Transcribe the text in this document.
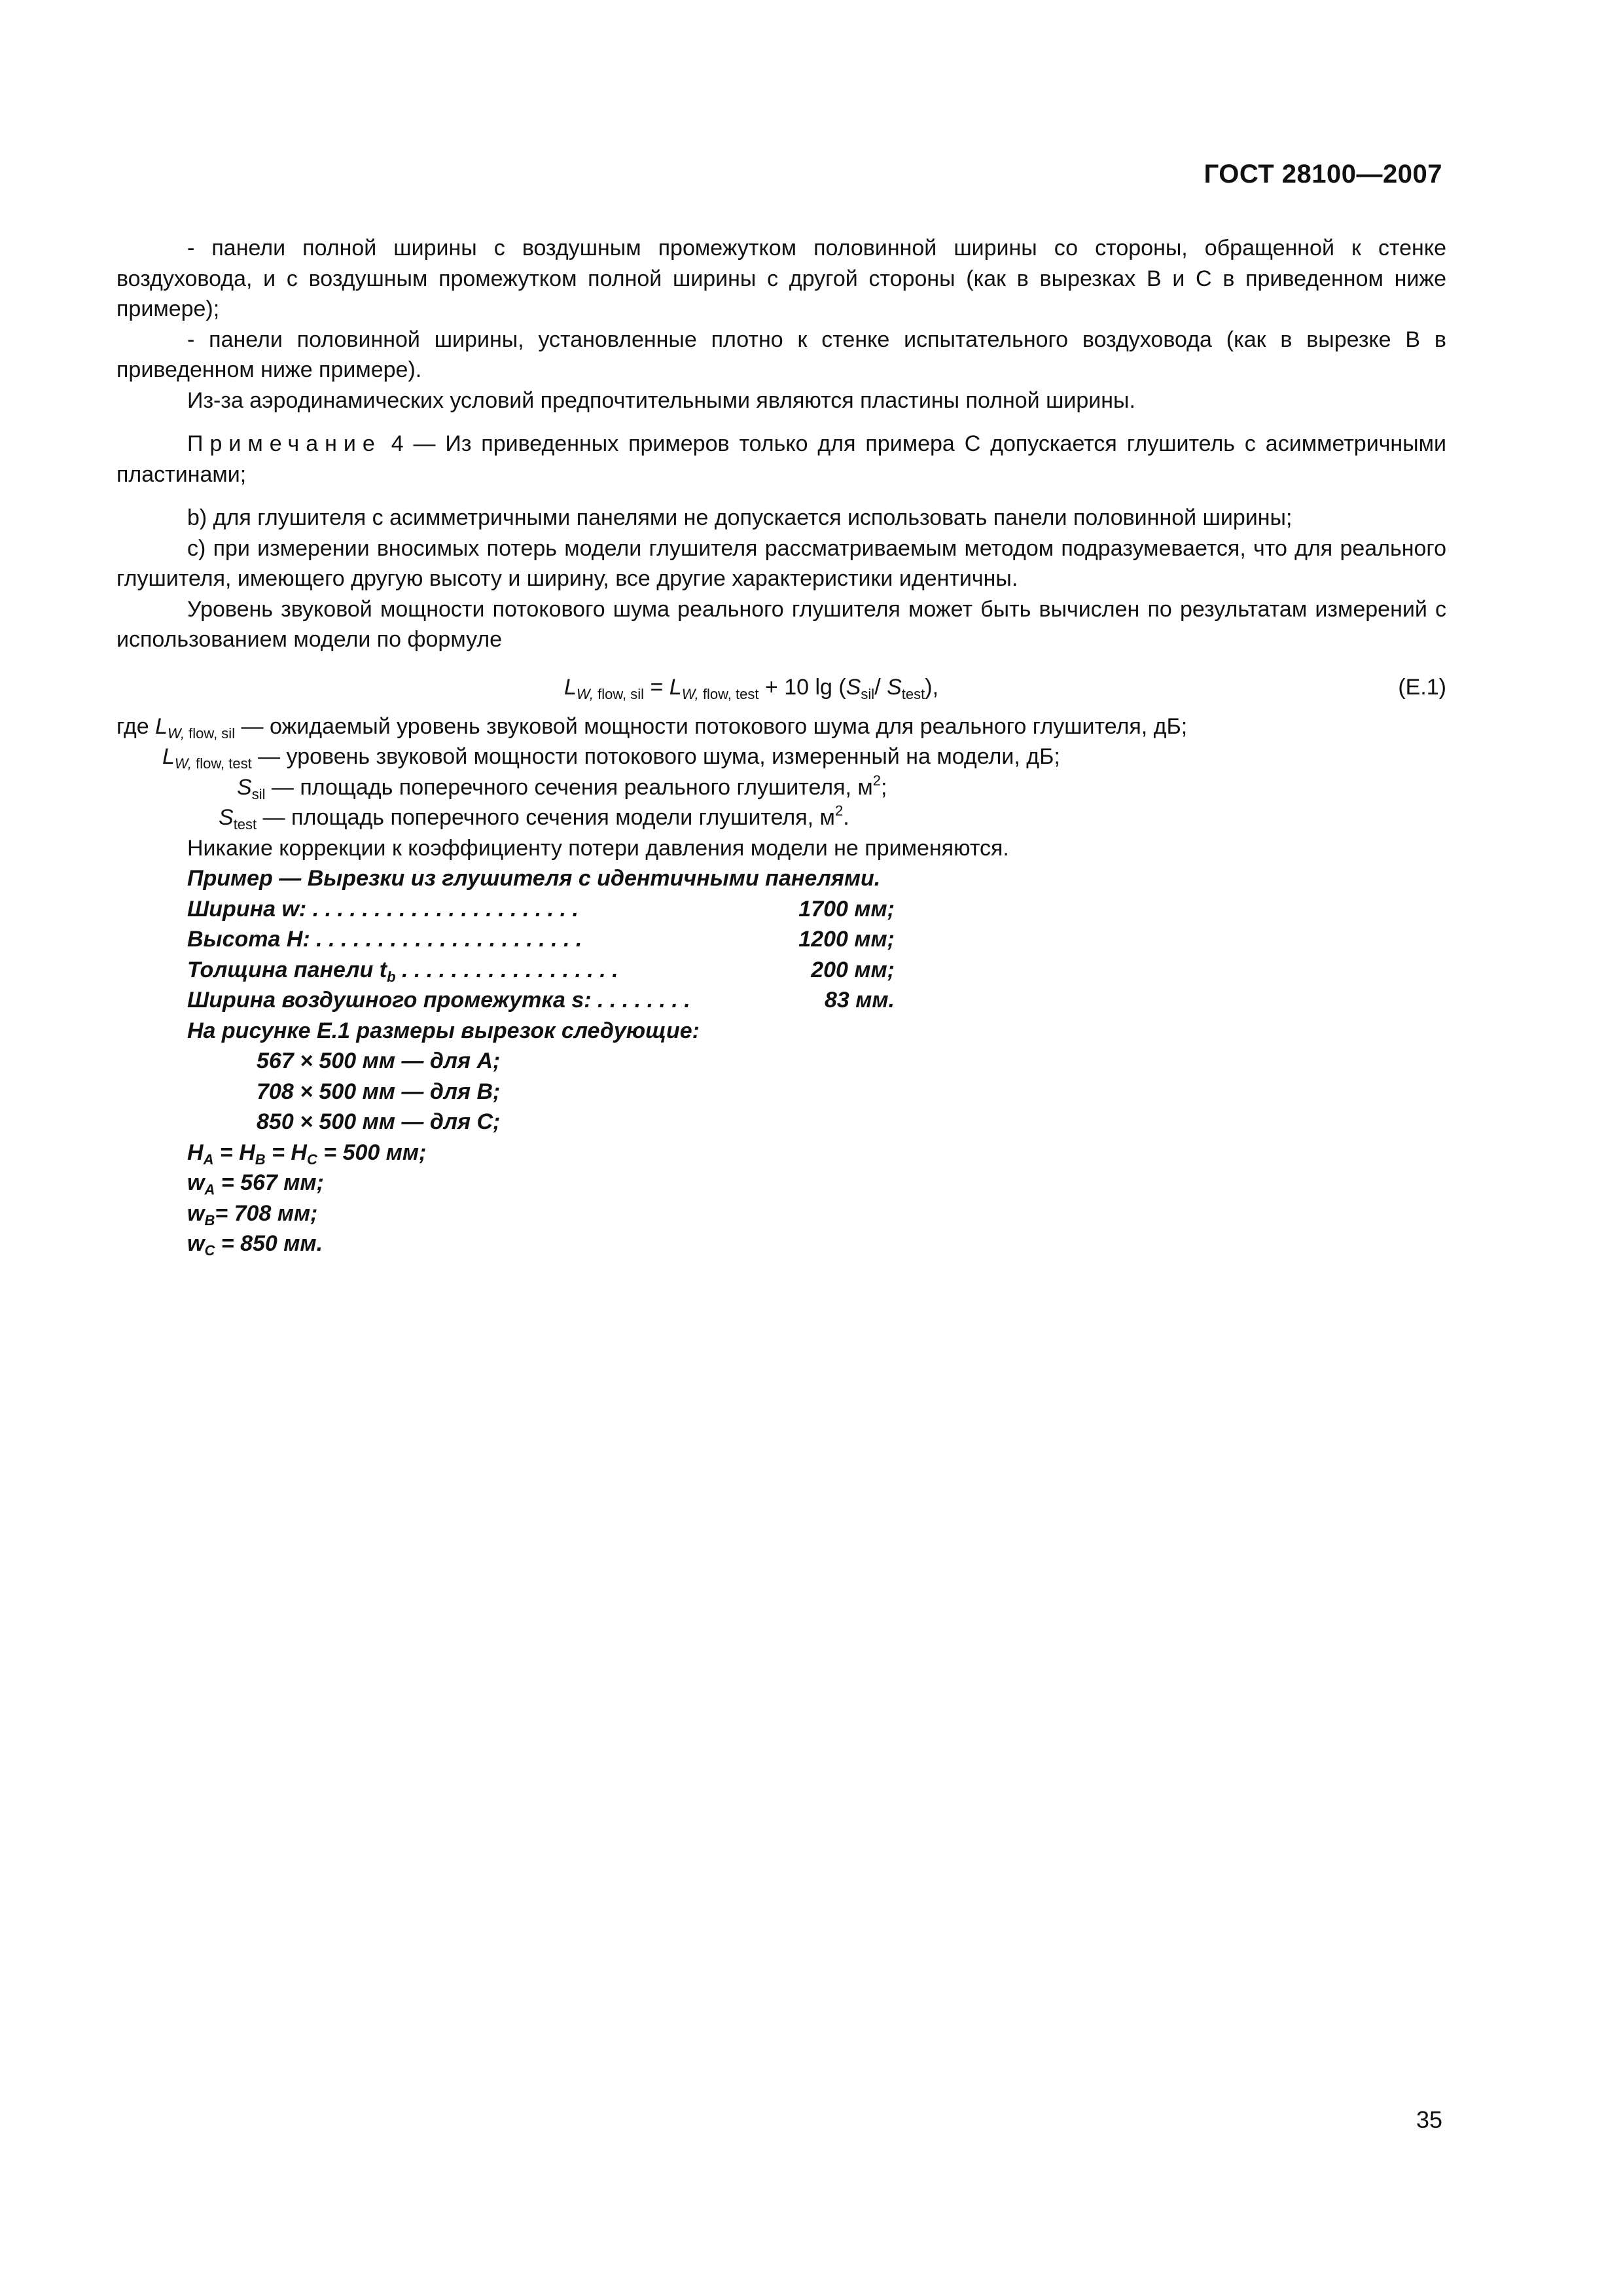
ГОСТ 28100—2007

- панели полной ширины с воздушным промежутком половинной ширины со стороны, обращенной к стенке воздуховода, и с воздушным промежутком полной ширины с другой стороны (как в вырезках B и C в приведенном ниже примере);

- панели половинной ширины, установленные плотно к стенке испытательного воздуховода (как в вырезке B в приведенном ниже примере).

Из-за аэродинамических условий предпочтительными являются пластины полной ширины.

Примечание 4 — Из приведенных примеров только для примера C допускается глушитель с асимметричными пластинами;

b) для глушителя с асимметричными панелями не допускается использовать панели половинной ширины;

c) при измерении вносимых потерь модели глушителя рассматриваемым методом подразумевается, что для реального глушителя, имеющего другую высоту и ширину, все другие характеристики идентичны.

Уровень звуковой мощности потокового шума реального глушителя может быть вычислен по результатам измерений с использованием модели по формуле

$L_{W, flow, sil} = L_{W, flow, test} + 10$ $\lg (S_{sil}/$ $S_{test}$),	(E.1)
где $L_{W, flow, sil}$ — ожидаемый уровень звуковой мощности потокового шума для реального глушителя, дБ;
$L_{W, flow, test}$ — уровень звуковой мощности потокового шума, измеренный на модели, дБ;
$S_{sil}$ — площадь поперечного сечения реального глушителя, $м^2$;
$S_{test}$ — площадь поперечного сечения модели глушителя, $м^2$.

Никакие коррекции к коэффициенту потери давления модели не применяются.

Пример — Вырезки из глушителя с идентичными панелями.
Ширина w: . . . . . . . . . . . . . . . . . . . . . .	1700 мм;
Высота H: . . . . . . . . . . . . . . . . . . . . . .	1200 мм;
Толщина панели $t_b$ . . . . . . . . . . . . . . . . . .	200 мм;
Ширина воздушного промежутка s: . . . . . . . .	83 мм.
На рисунке Е.1 размеры вырезок следующие:
567 × 500 мм — для A;
708 × 500 мм — для B;
850 × 500 мм — для C;
$H_A = H_B = H_C = 500$ мм;
$w_A = 567$ мм;
$w_B= 708$ мм;
$w_C = 850$ мм.
35
